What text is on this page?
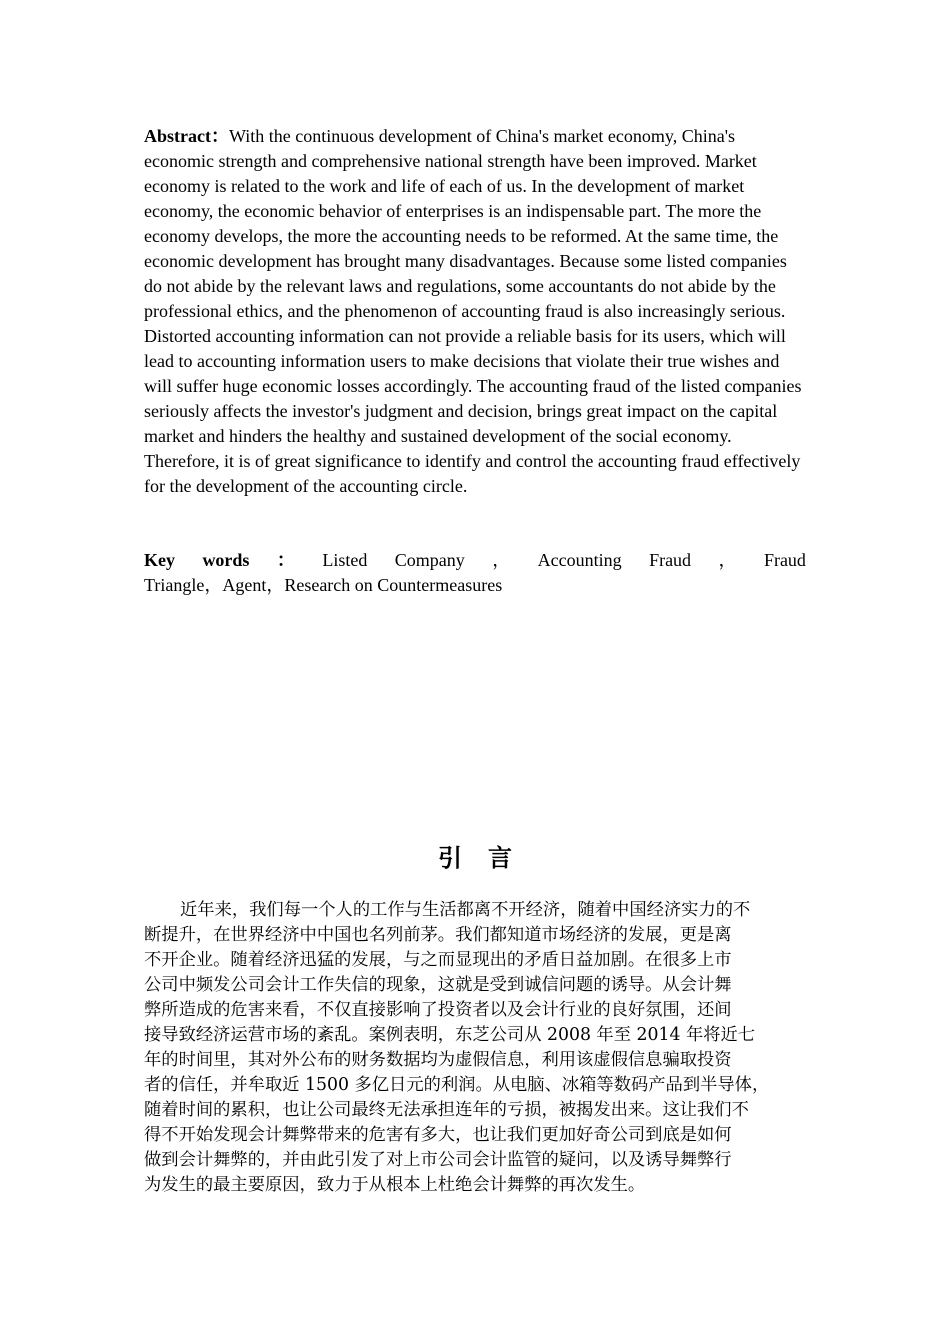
Abstract：With the continuous development of China's market economy, China's economic strength and comprehensive national strength have been improved. Market economy is related to the work and life of each of us. In the development of market economy, the economic behavior of enterprises is an indispensable part. The more the economy develops, the more the accounting needs to be reformed. At the same time, the economic development has brought many disadvantages. Because some listed companies do not abide by the relevant laws and regulations, some accountants do not abide by the professional ethics, and the phenomenon of accounting fraud is also increasingly serious. Distorted accounting information can not provide a reliable basis for its users, which will lead to accounting information users to make decisions that violate their true wishes and will suffer huge economic losses accordingly. The accounting fraud of the listed companies seriously affects the investor's judgment and decision, brings great impact on the capital market and hinders the healthy and sustained development of the social economy. Therefore, it is of great significance to identify and control the accounting fraud effectively for the development of the accounting circle.

Key words ： Listed Company ， Accounting Fraud ， Fraud
Triangle，Agent，Research on Countermeasures
引言
近年来，我们每一个人的工作与生活都离不开经济，随着中国经济实力的不
断提升，在世界经济中中国也名列前茅。我们都知道市场经济的发展，更是离
不开企业。随着经济迅猛的发展，与之而显现出的矛盾日益加剧。在很多上市
公司中频发公司会计工作失信的现象，这就是受到诚信问题的诱导。从会计舞
弊所造成的危害来看，不仅直接影响了投资者以及会计行业的良好氛围，还间
接导致经济运营市场的紊乱。案例表明，东芝公司从 2008 年至 2014 年将近七
年的时间里，其对外公布的财务数据均为虚假信息，利用该虚假信息骗取投资
者的信任，并牟取近 1500 多亿日元的利润。从电脑、冰箱等数码产品到半导体，
随着时间的累积，也让公司最终无法承担连年的亏损，被揭发出来。这让我们不
得不开始发现会计舞弊带来的危害有多大，也让我们更加好奇公司到底是如何
做到会计舞弊的，并由此引发了对上市公司会计监管的疑问，以及诱导舞弊行
为发生的最主要原因，致力于从根本上杜绝会计舞弊的再次发生。
